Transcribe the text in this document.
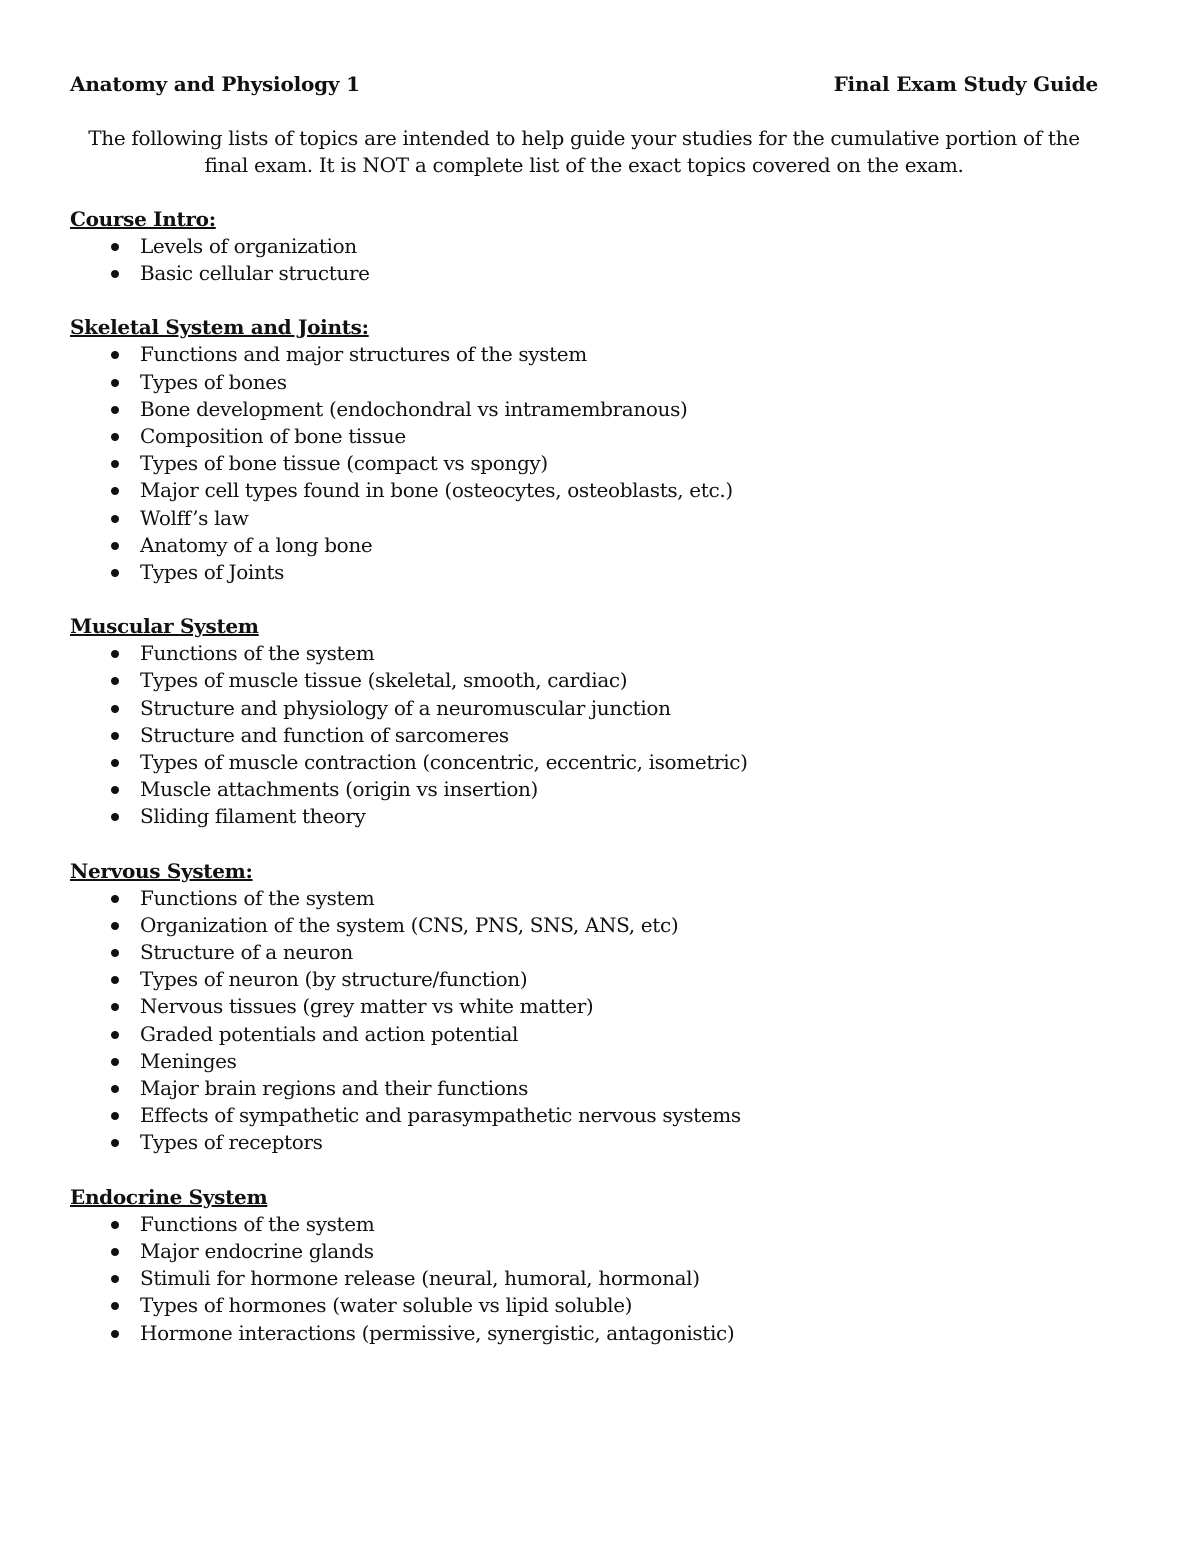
Anatomy and Physiology 1	Final Exam Study Guide
The following lists of topics are intended to help guide your studies for the cumulative portion of the final exam. It is NOT a complete list of the exact topics covered on the exam.
Course Intro:
Levels of organization
Basic cellular structure
Skeletal System and Joints:
Functions and major structures of the system
Types of bones
Bone development (endochondral vs intramembranous)
Composition of bone tissue
Types of bone tissue (compact vs spongy)
Major cell types found in bone (osteocytes, osteoblasts, etc.)
Wolff’s law
Anatomy of a long bone
Types of Joints
Muscular System
Functions of the system
Types of muscle tissue (skeletal, smooth, cardiac)
Structure and physiology of a neuromuscular junction
Structure and function of sarcomeres
Types of muscle contraction (concentric, eccentric, isometric)
Muscle attachments (origin vs insertion)
Sliding filament theory
Nervous System:
Functions of the system
Organization of the system (CNS, PNS, SNS, ANS, etc)
Structure of a neuron
Types of neuron (by structure/function)
Nervous tissues (grey matter vs white matter)
Graded potentials and action potential
Meninges
Major brain regions and their functions
Effects of sympathetic and parasympathetic nervous systems
Types of receptors
Endocrine System
Functions of the system
Major endocrine glands
Stimuli for hormone release (neural, humoral, hormonal)
Types of hormones (water soluble vs lipid soluble)
Hormone interactions (permissive, synergistic, antagonistic)
